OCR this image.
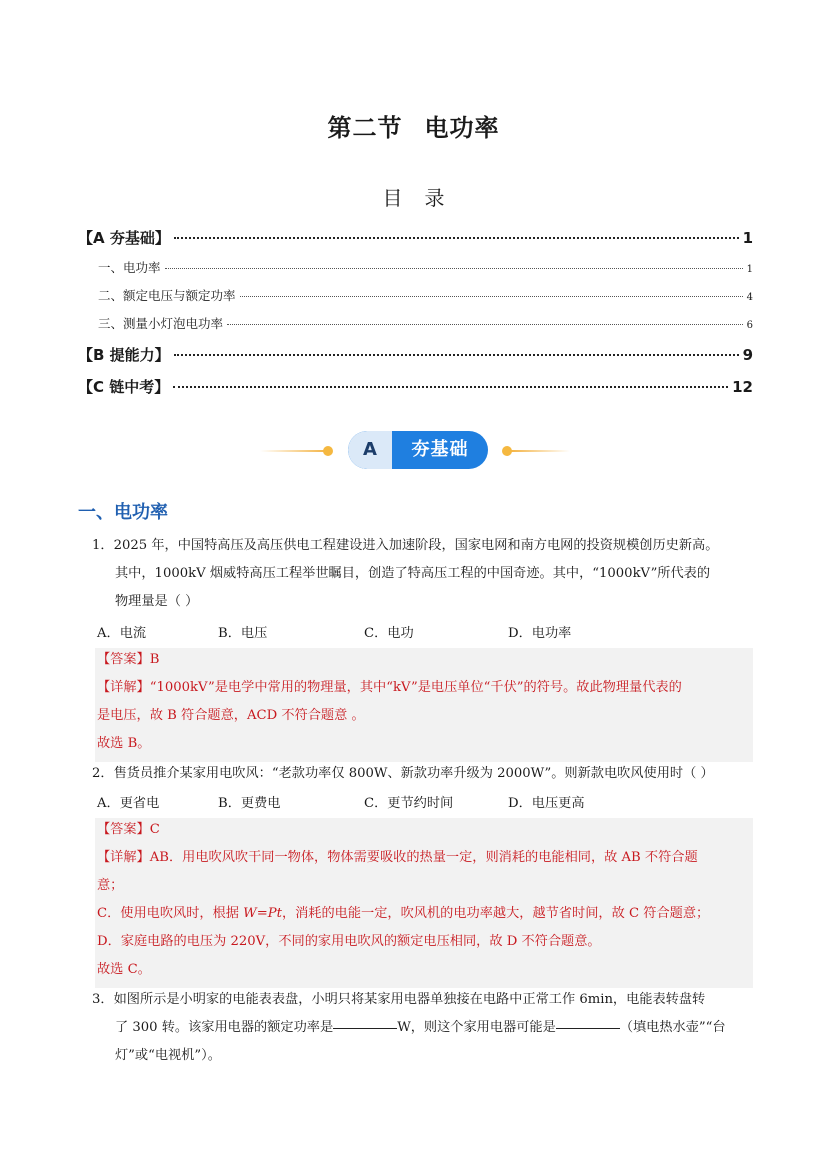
第二节 电功率
目录
【A 夯基础】	1
一、电功率	1
二、额定电压与额定功率	4
三、测量小灯泡电功率	6
【B 提能力】	9
【C 链中考】	12
A	夯基础
一、电功率
1．2025 年，中国特高压及高压供电工程建设进入加速阶段，国家电网和南方电网的投资规模创历史新高。
其中，1000kV 烟威特高压工程举世瞩目，创造了特高压工程的中国奇迹。其中，“1000kV”所代表的
物理量是（ ）
A．电流	B．电压	C．电功	D．电功率
【答案】B
【详解】“1000kV”是电学中常用的物理量，其中“kV”是电压单位“千伏”的符号。故此物理量代表的
是电压，故 B 符合题意，ACD 不符合题意 。
故选 B。
2．售货员推介某家用电吹风：“老款功率仅 800W、新款功率升级为 2000W”。则新款电吹风使用时（ ）
A．更省电	B．更费电	C．更节约时间	D．电压更高
【答案】C
【详解】AB．用电吹风吹干同一物体，物体需要吸收的热量一定，则消耗的电能相同，故 AB 不符合题
意；
C．使用电吹风时，根据 W=Pt，消耗的电能一定，吹风机的电功率越大，越节省时间，故 C 符合题意；
D．家庭电路的电压为 220V，不同的家用电吹风的额定电压相同，故 D 不符合题意。
故选 C。
3．如图所示是小明家的电能表表盘，小明只将某家用电器单独接在电路中正常工作 6min，电能表转盘转
了 300 转。该家用电器的额定功率是	W，则这个家用电器可能是	（填电热水壶”“台
灯”或“电视机”）。
